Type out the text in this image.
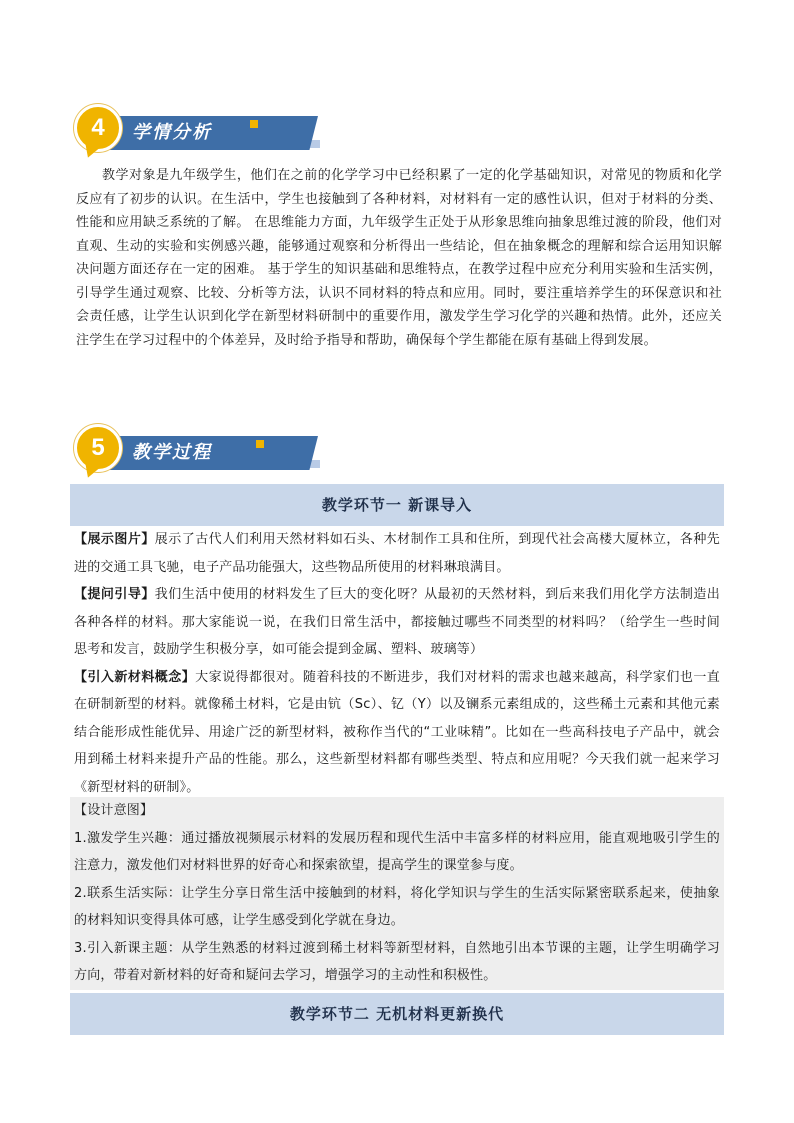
学情分析
4
教学对象是九年级学生，他们在之前的化学学习中已经积累了一定的化学基础知识，对常见的物质和化学反应有了初步的认识。在生活中，学生也接触到了各种材料，对材料有一定的感性认识，但对于材料的分类、性能和应用缺乏系统的了解。 在思维能力方面，九年级学生正处于从形象思维向抽象思维过渡的阶段，他们对直观、生动的实验和实例感兴趣，能够通过观察和分析得出一些结论，但在抽象概念的理解和综合运用知识解决问题方面还存在一定的困难。 基于学生的知识基础和思维特点，在教学过程中应充分利用实验和生活实例，引导学生通过观察、比较、分析等方法，认识不同材料的特点和应用。同时，要注重培养学生的环保意识和社会责任感，让学生认识到化学在新型材料研制中的重要作用，激发学生学习化学的兴趣和热情。此外，还应关注学生在学习过程中的个体差异，及时给予指导和帮助，确保每个学生都能在原有基础上得到发展。
教学过程
5
教学环节一 新课导入

【展示图片】展示了古代人们利用天然材料如石头、木材制作工具和住所，到现代社会高楼大厦林立，各种先进的交通工具飞驰，电子产品功能强大，这些物品所使用的材料琳琅满目。

【提问引导】我们生活中使用的材料发生了巨大的变化呀？从最初的天然材料，到后来我们用化学方法制造出各种各样的材料。那大家能说一说，在我们日常生活中，都接触过哪些不同类型的材料吗？（给学生一些时间思考和发言，鼓励学生积极分享，如可能会提到金属、塑料、玻璃等）

【引入新材料概念】大家说得都很对。随着科技的不断进步，我们对材料的需求也越来越高，科学家们也一直在研制新型的材料。就像稀土材料，它是由钪（Sc）、钇（Y）以及镧系元素组成的，这些稀土元素和其他元素结合能形成性能优异、用途广泛的新型材料，被称作当代的“工业味精”。比如在一些高科技电子产品中，就会用到稀土材料来提升产品的性能。那么，这些新型材料都有哪些类型、特点和应用呢？今天我们就一起来学习《新型材料的研制》。

【设计意图】

1.激发学生兴趣：通过播放视频展示材料的发展历程和现代生活中丰富多样的材料应用，能直观地吸引学生的注意力，激发他们对材料世界的好奇心和探索欲望，提高学生的课堂参与度。

2.联系生活实际：让学生分享日常生活中接触到的材料，将化学知识与学生的生活实际紧密联系起来，使抽象的材料知识变得具体可感，让学生感受到化学就在身边。

3.引入新课主题：从学生熟悉的材料过渡到稀土材料等新型材料，自然地引出本节课的主题，让学生明确学习方向，带着对新材料的好奇和疑问去学习，增强学习的主动性和积极性。

教学环节二 无机材料更新换代
